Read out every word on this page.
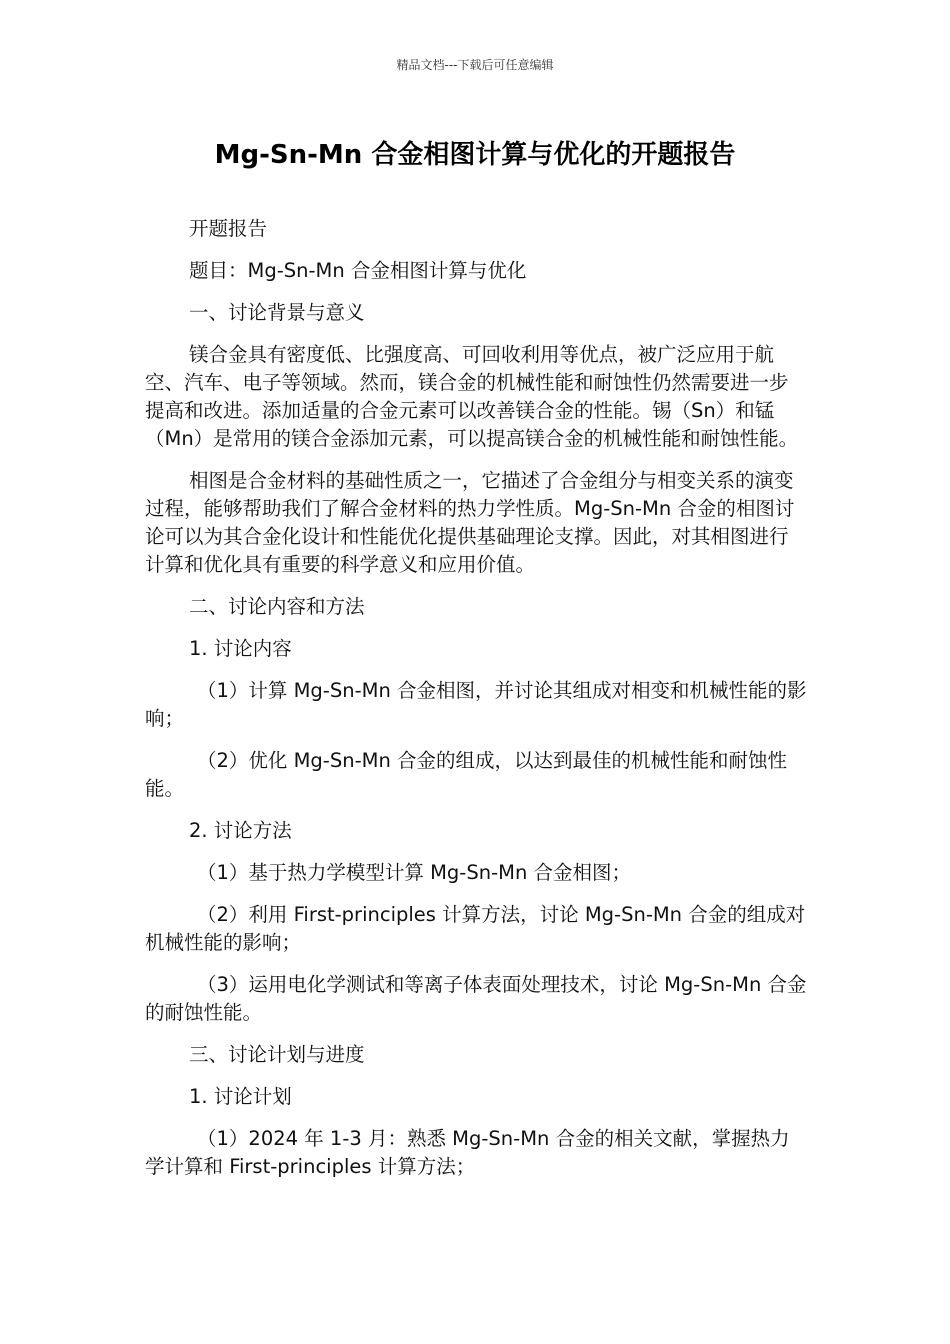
精品文档---下载后可任意编辑
Mg-Sn-Mn 合金相图计算与优化的开题报告

开题报告

题目：Mg-Sn-Mn 合金相图计算与优化

一、讨论背景与意义

镁合金具有密度低、比强度高、可回收利用等优点，被广泛应用于航空、汽车、电子等领域。然而，镁合金的机械性能和耐蚀性仍然需要进一步提高和改进。添加适量的合金元素可以改善镁合金的性能。锡（Sn）和锰（Mn）是常用的镁合金添加元素，可以提高镁合金的机械性能和耐蚀性能。

相图是合金材料的基础性质之一，它描述了合金组分与相变关系的演变过程，能够帮助我们了解合金材料的热力学性质。Mg-Sn-Mn 合金的相图讨论可以为其合金化设计和性能优化提供基础理论支撑。因此，对其相图进行计算和优化具有重要的科学意义和应用价值。

二、讨论内容和方法

1. 讨论内容

（1）计算 Mg-Sn-Mn 合金相图，并讨论其组成对相变和机械性能的影响；

（2）优化 Mg-Sn-Mn 合金的组成，以达到最佳的机械性能和耐蚀性能。

2. 讨论方法

（1）基于热力学模型计算 Mg-Sn-Mn 合金相图；

（2）利用 First-principles 计算方法，讨论 Mg-Sn-Mn 合金的组成对机械性能的影响；

（3）运用电化学测试和等离子体表面处理技术，讨论 Mg-Sn-Mn 合金的耐蚀性能。

三、讨论计划与进度

1. 讨论计划

（1）2024 年 1-3 月：熟悉 Mg-Sn-Mn 合金的相关文献，掌握热力学计算和 First-principles 计算方法；
